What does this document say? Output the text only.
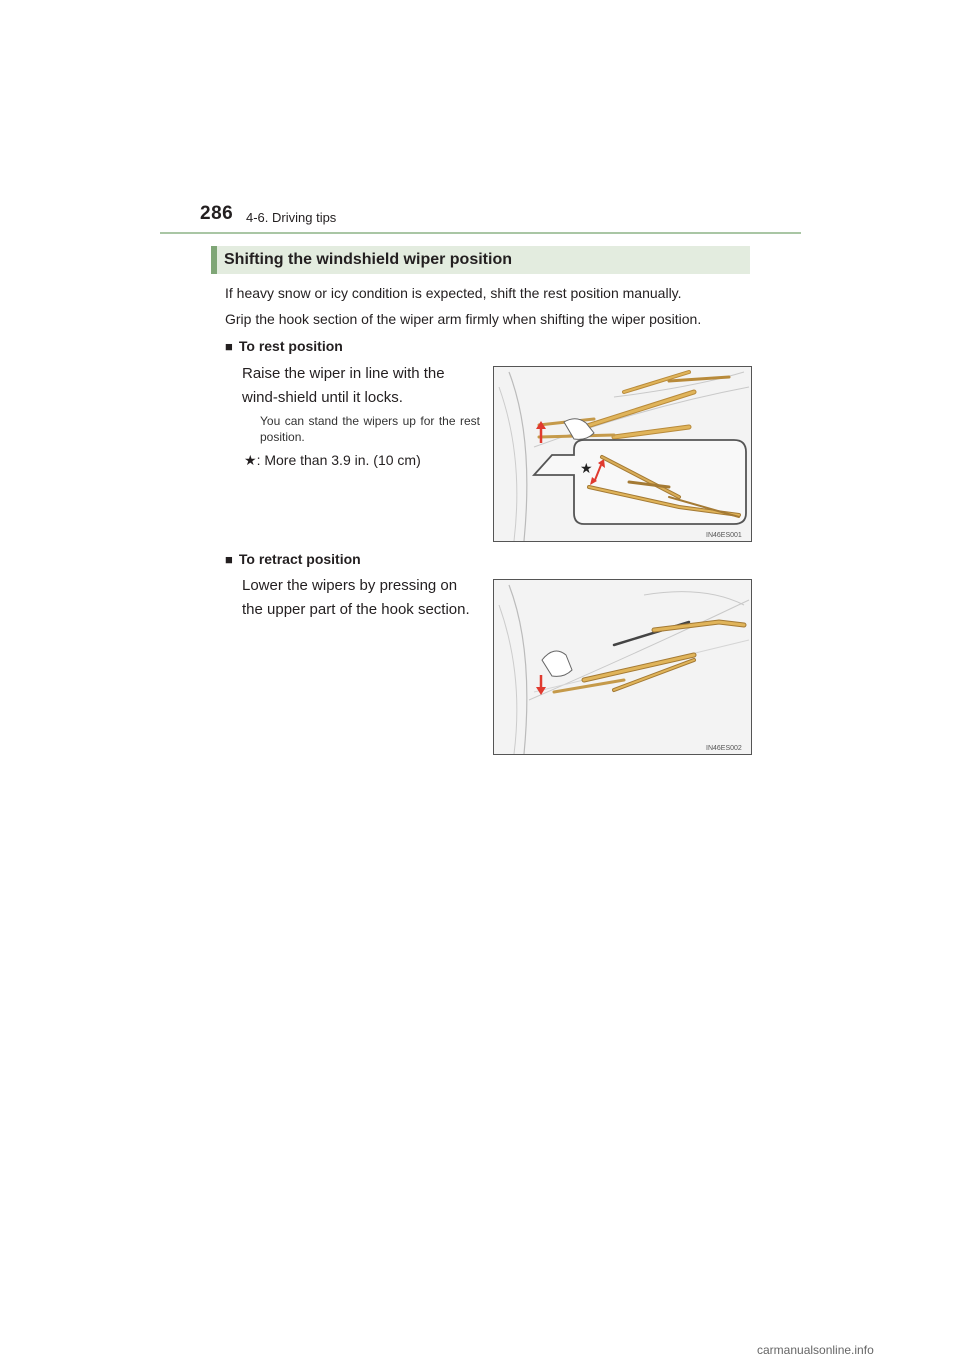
286 4-6. Driving tips
Shifting the windshield wiper position
If heavy snow or icy condition is expected, shift the rest position manually.
Grip the hook section of the wiper arm firmly when shifting the wiper position.
■ To rest position
Raise the wiper in line with the wind-shield until it locks.
You can stand the wipers up for the rest position.
★: More than 3.9 in. (10 cm)	★
IN46ES001
■ To retract position
Lower the wipers by pressing on the upper part of the hook section.
IN46ES002
carmanualsonline.info
